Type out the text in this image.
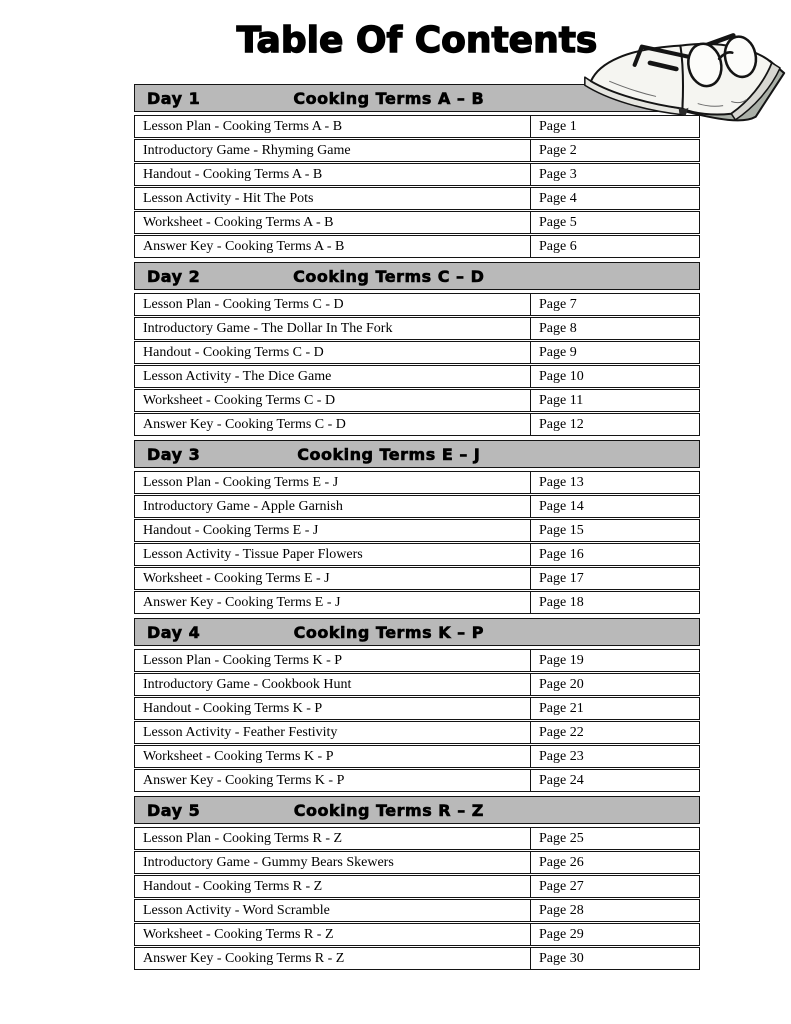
Table Of Contents
Day 1	Cooking Terms A – B
Lesson Plan - Cooking Terms A - B	Page 1
Introductory Game - Rhyming Game	Page 2
Handout - Cooking Terms A - B	Page 3
Lesson Activity - Hit The Pots	Page 4
Worksheet - Cooking Terms A - B	Page 5
Answer Key - Cooking Terms A - B	Page 6
Day 2	Cooking Terms C – D
Lesson Plan - Cooking Terms C - D	Page 7
Introductory Game - The Dollar In The Fork	Page 8
Handout - Cooking Terms C - D	Page 9
Lesson Activity - The Dice Game	Page 10
Worksheet - Cooking Terms C - D	Page 11
Answer Key - Cooking Terms C - D	Page 12
Day 3	Cooking Terms E – J
Lesson Plan - Cooking Terms E - J	Page 13
Introductory Game - Apple Garnish	Page 14
Handout - Cooking Terms E - J	Page 15
Lesson Activity - Tissue Paper Flowers	Page 16
Worksheet - Cooking Terms E - J	Page 17
Answer Key - Cooking Terms E - J	Page 18
Day 4	Cooking Terms K – P
Lesson Plan - Cooking Terms K - P	Page 19
Introductory Game - Cookbook Hunt	Page 20
Handout - Cooking Terms K - P	Page 21
Lesson Activity - Feather Festivity	Page 22
Worksheet - Cooking Terms K - P	Page 23
Answer Key - Cooking Terms K - P	Page 24
Day 5	Cooking Terms R – Z
Lesson Plan - Cooking Terms R - Z	Page 25
Introductory Game - Gummy Bears Skewers	Page 26
Handout - Cooking Terms R - Z	Page 27
Lesson Activity - Word Scramble	Page 28
Worksheet - Cooking Terms R - Z	Page 29
Answer Key - Cooking Terms R - Z	Page 30
